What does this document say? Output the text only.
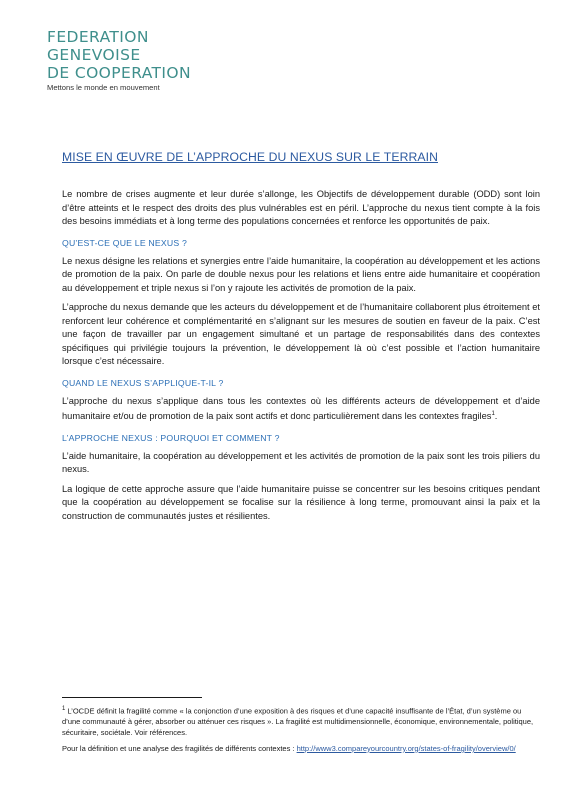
FEDERATION
GENEVOISE
DE COOPERATION
Mettons le monde en mouvement
MISE EN ŒUVRE DE L’APPROCHE DU NEXUS SUR LE TERRAIN

Le nombre de crises augmente et leur durée s’allonge, les Objectifs de développement durable (ODD) sont loin d’être atteints et le respect des droits des plus vulnérables est en péril. L’approche du nexus tient compte à la fois des besoins immédiats et à long terme des populations concernées et renforce les opportunités de paix.

QU’EST-CE QUE LE NEXUS ?

Le nexus désigne les relations et synergies entre l’aide humanitaire, la coopération au développement et les actions de promotion de la paix. On parle de double nexus pour les relations et liens entre aide humanitaire et coopération au développement et triple nexus si l’on y rajoute les activités de promotion de la paix.

L’approche du nexus demande que les acteurs du développement et de l’humanitaire collaborent plus étroitement et renforcent leur cohérence et complémentarité en s’alignant sur les mesures de soutien en faveur de la paix. C’est une façon de travailler par un engagement simultané et un partage de responsabilités dans des contextes spécifiques qui privilégie toujours la prévention, le développement là où c’est possible et l’action humanitaire lorsque c’est nécessaire.

QUAND LE NEXUS S’APPLIQUE-T-IL ?

L’approche du nexus s’applique dans tous les contextes où les différents acteurs de développement et d’aide humanitaire et/ou de promotion de la paix sont actifs et donc particulièrement dans les contextes fragiles$^1$.

L’APPROCHE NEXUS : POURQUOI ET COMMENT ?

L’aide humanitaire, la coopération au développement et les activités de promotion de la paix sont les trois piliers du nexus.

La logique de cette approche assure que l’aide humanitaire puisse se concentrer sur les besoins critiques pendant que la coopération au développement se focalise sur la résilience à long terme, promouvant ainsi la paix et la construction de communautés justes et résilientes.

$^1$ L’OCDE définit la fragilité comme « la conjonction d’une exposition à des risques et d’une capacité insuffisante de l’État, d’un système ou d’une communauté à gérer, absorber ou atténuer ces risques ». La fragilité est multidimensionnelle, économique, environnementale, politique, sécuritaire, sociétale. Voir références.

Pour la définition et une analyse des fragilités de différents contextes : http://www3.compareyourcountry.org/states-of-fragility/overview/0/
